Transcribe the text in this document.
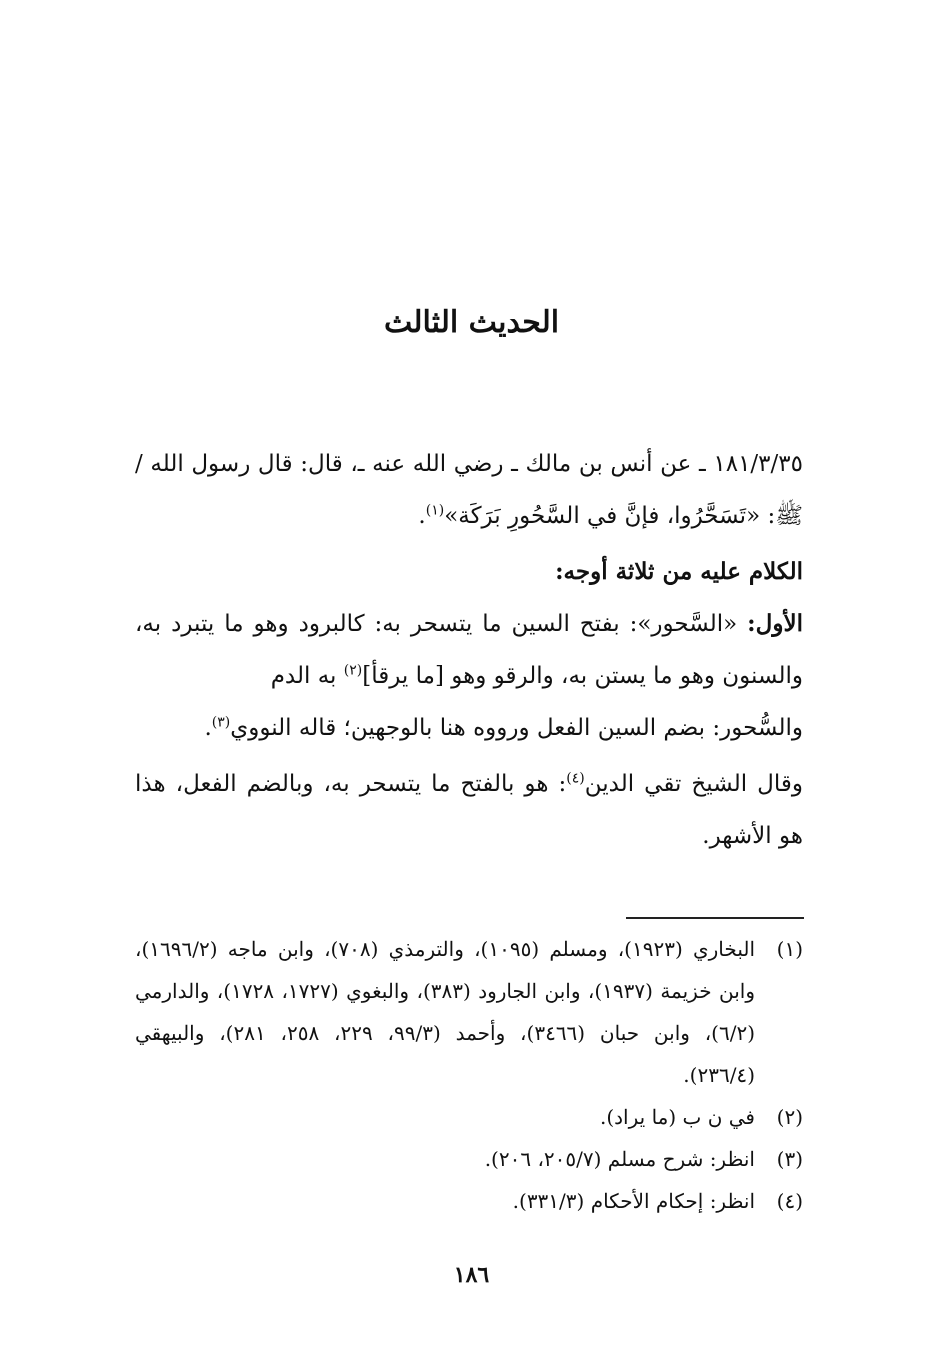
الحديث الثالث

١٨١/٣/٣٥ ـ عن أنس بن مالك ـ رضي الله عنه ـ، قال: قال رسول الله / ﷺ: «تَسَحَّرُوا، فإنَّ في السَّحُورِ بَرَكَة»$^{(١)}$.

الكلام عليه من ثلاثة أوجه:

الأول: «السَّحور»: بفتح السين ما يتسحر به: كالبرود وهو ما يتبرد به، والسنون وهو ما يستن به، والرقو وهو [ما يرقأ]$^{(٢)}$ به الدم

والسُّحور: بضم السين الفعل ورووه هنا بالوجهين؛ قاله النووي$^{(٣)}$.

وقال الشيخ تقي الدين$^{(٤)}$: هو بالفتح ما يتسحر به، وبالضم الفعل، هذا هو الأشهر.

(١)
البخاري (١٩٢٣)، ومسلم (١٠٩٥)، والترمذي (٧٠٨)، وابن ماجه (١٦٩٦/٢)، وابن خزيمة (١٩٣٧)، وابن الجارود (٣٨٣)، والبغوي (١٧٢٧، ١٧٢٨)، والدارمي (٦/٢)، وابن حبان (٣٤٦٦)، وأحمد (٩٩/٣، ٢٢٩، ٢٥٨، ٢٨١)، والبيهقي (٢٣٦/٤).
(٢)
في ن ب (ما يراد).
(٣)
انظر: شرح مسلم (٢٠٥/٧، ٢٠٦).
(٤)
انظر: إحكام الأحكام (٣٣١/٣).
١٨٦
